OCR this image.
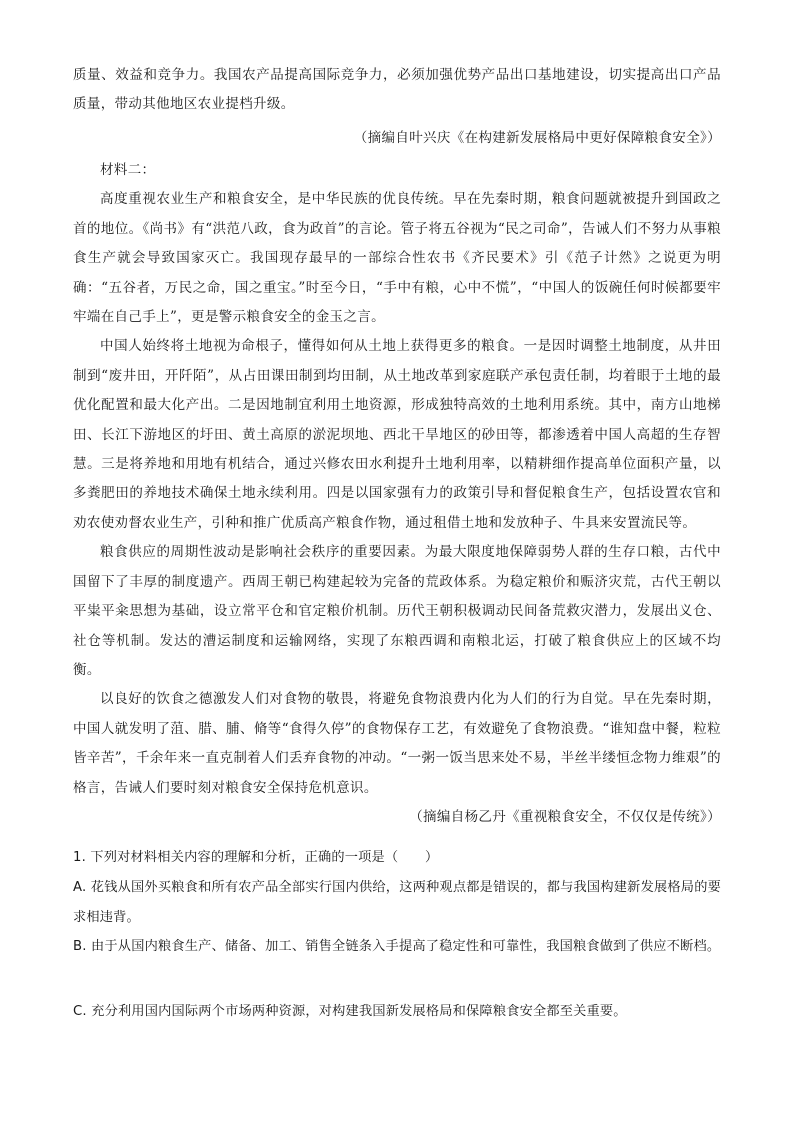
质量、效益和竞争力。我国农产品提高国际竞争力，必须加强优势产品出口基地建设，切实提高出口产品质量，带动其他地区农业提档升级。

（摘编自叶兴庆《在构建新发展格局中更好保障粮食安全》）

材料二：

高度重视农业生产和粮食安全，是中华民族的优良传统。早在先秦时期，粮食问题就被提升到国政之首的地位。《尚书》有“洪范八政，食为政首”的言论。管子将五谷视为“民之司命”，告诫人们不努力从事粮食生产就会导致国家灭亡。我国现存最早的一部综合性农书《齐民要术》引《范子计然》之说更为明确：“五谷者，万民之命，国之重宝。”时至今日，“手中有粮，心中不慌”，“中国人的饭碗任何时候都要牢牢端在自己手上”，更是警示粮食安全的金玉之言。

中国人始终将土地视为命根子，懂得如何从土地上获得更多的粮食。一是因时调整土地制度，从井田制到“废井田，开阡陌”，从占田课田制到均田制，从土地改革到家庭联产承包责任制，均着眼于土地的最优化配置和最大化产出。二是因地制宜利用土地资源，形成独特高效的土地利用系统。其中，南方山地梯田、长江下游地区的圩田、黄土高原的淤泥坝地、西北干旱地区的砂田等，都渗透着中国人高超的生存智慧。三是将养地和用地有机结合，通过兴修农田水利提升土地利用率，以精耕细作提高单位面积产量，以多粪肥田的养地技术确保土地永续利用。四是以国家强有力的政策引导和督促粮食生产，包括设置农官和劝农使劝督农业生产，引种和推广优质高产粮食作物，通过租借土地和发放种子、牛具来安置流民等。

粮食供应的周期性波动是影响社会秩序的重要因素。为最大限度地保障弱势人群的生存口粮，古代中国留下了丰厚的制度遗产。西周王朝已构建起较为完备的荒政体系。为稳定粮价和赈济灾荒，古代王朝以平粜平籴思想为基础，设立常平仓和官定粮价机制。历代王朝积极调动民间备荒救灾潜力，发展出义仓、社仓等机制。发达的漕运制度和运输网络，实现了东粮西调和南粮北运，打破了粮食供应上的区域不均衡。

以良好的饮食之德激发人们对食物的敬畏，将避免食物浪费内化为人们的行为自觉。早在先秦时期，中国人就发明了菹、腊、脯、脩等“食得久停”的食物保存工艺，有效避免了食物浪费。“谁知盘中餐，粒粒皆辛苦”，千余年来一直克制着人们丢弃食物的冲动。“一粥一饭当思来处不易，半丝半缕恒念物力维艰”的格言，告诫人们要时刻对粮食安全保持危机意识。

（摘编自杨乙丹《重视粮食安全，不仅仅是传统》）

1. 下列对材料相关内容的理解和分析，正确的一项是（　　）

A. 花钱从国外买粮食和所有农产品全部实行国内供给，这两种观点都是错误的，都与我国构建新发展格局的要求相违背。

B. 由于从国内粮食生产、储备、加工、销售全链条入手提高了稳定性和可靠性，我国粮食做到了供应不断档。

C. 充分利用国内国际两个市场两种资源，对构建我国新发展格局和保障粮食安全都至关重要。
